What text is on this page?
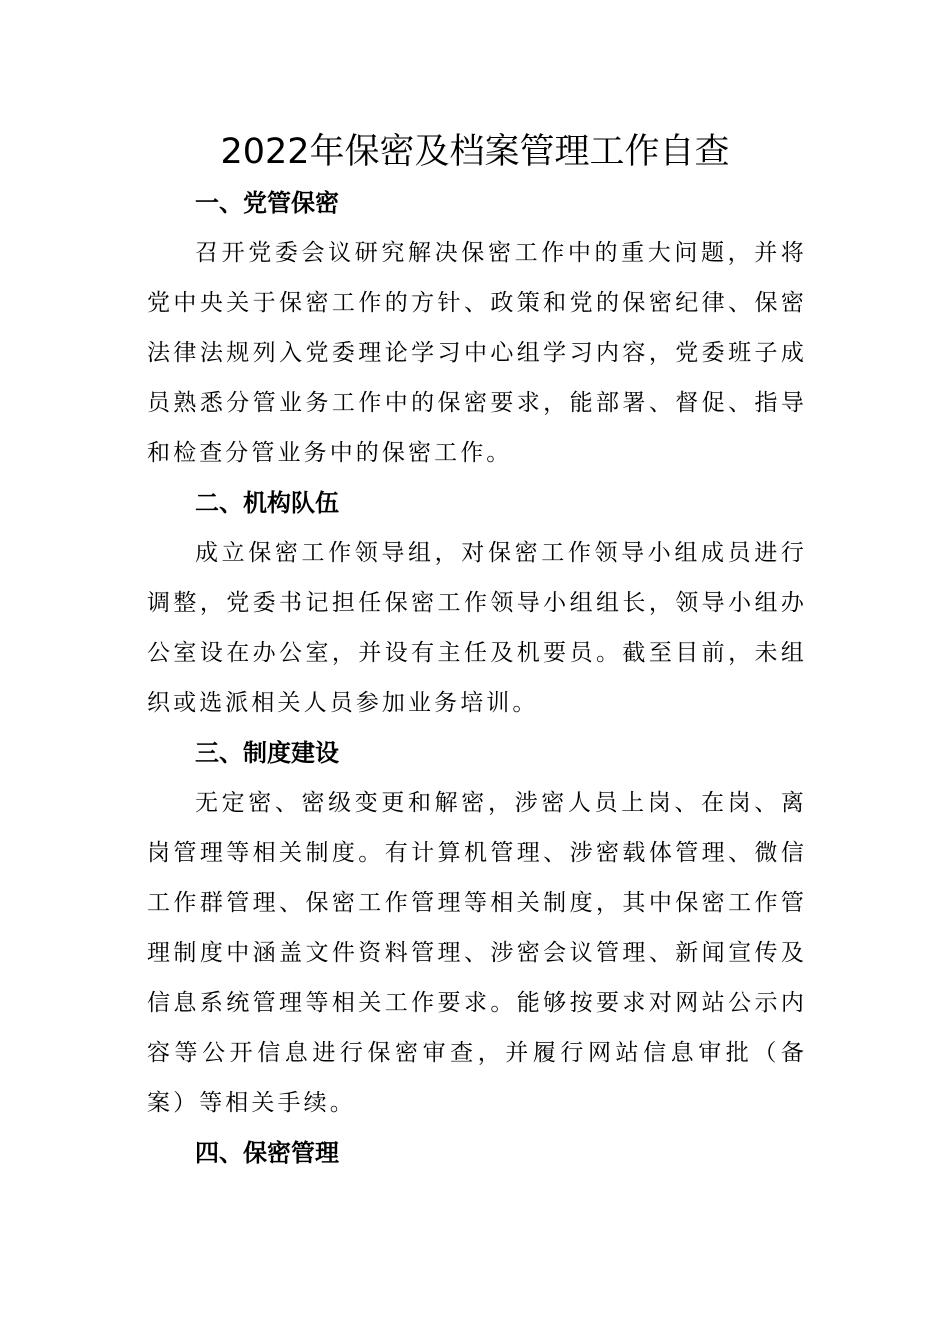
2022年保密及档案管理工作自查
一、党管保密

召开党委会议研究解决保密工作中的重大问题，并将党中央关于保密工作的方针、政策和党的保密纪律、保密法律法规列入党委理论学习中心组学习内容，党委班子成员熟悉分管业务工作中的保密要求，能部署、督促、指导和检查分管业务中的保密工作。

二、机构队伍

成立保密工作领导组，对保密工作领导小组成员进行调整，党委书记担任保密工作领导小组组长，领导小组办公室设在办公室，并设有主任及机要员。截至目前，未组织或选派相关人员参加业务培训。

三、制度建设

无定密、密级变更和解密，涉密人员上岗、在岗、离岗管理等相关制度。有计算机管理、涉密载体管理、微信工作群管理、保密工作管理等相关制度，其中保密工作管理制度中涵盖文件资料管理、涉密会议管理、新闻宣传及信息系统管理等相关工作要求。能够按要求对网站公示内容等公开信息进行保密审查，并履行网站信息审批（备案）等相关手续。

四、保密管理
